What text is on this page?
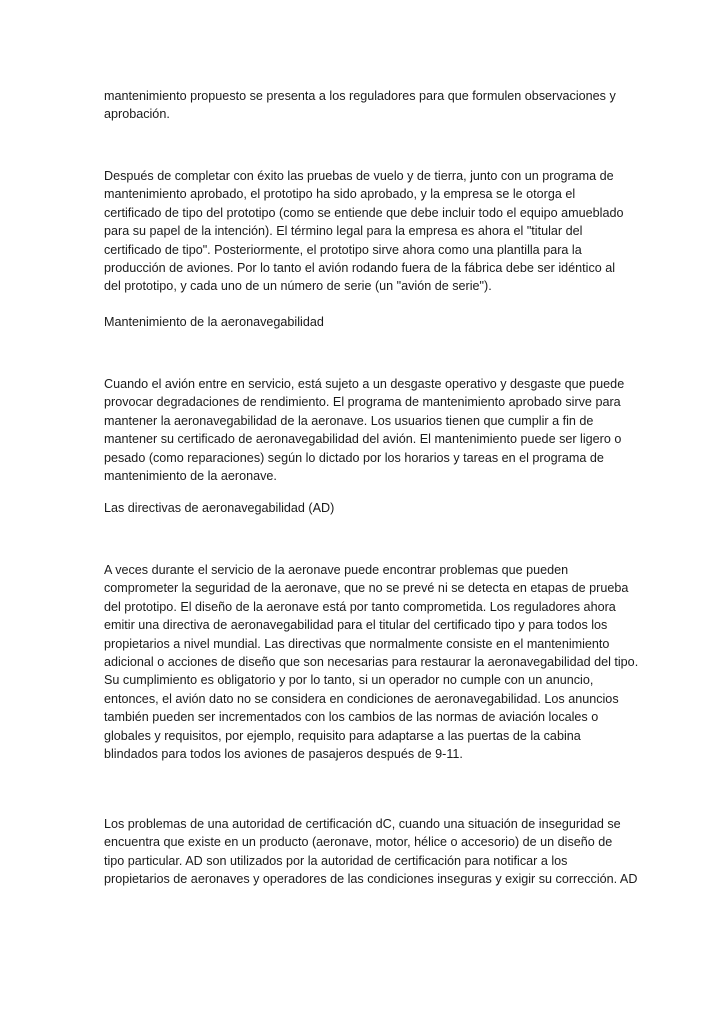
mantenimiento propuesto se presenta a los reguladores para que formulen observaciones y
aprobación.

Después de completar con éxito las pruebas de vuelo y de tierra, junto con un programa de
mantenimiento aprobado, el prototipo ha sido aprobado, y la empresa se le otorga el
certificado de tipo del prototipo (como se entiende que debe incluir todo el equipo amueblado
para su papel de la intención). El término legal para la empresa es ahora el "titular del
certificado de tipo". Posteriormente, el prototipo sirve ahora como una plantilla para la
producción de aviones. Por lo tanto el avión rodando fuera de la fábrica debe ser idéntico al
del prototipo, y cada uno de un número de serie (un "avión de serie").

Mantenimiento de la aeronavegabilidad

Cuando el avión entre en servicio, está sujeto a un desgaste operativo y desgaste que puede
provocar degradaciones de rendimiento. El programa de mantenimiento aprobado sirve para
mantener la aeronavegabilidad de la aeronave. Los usuarios tienen que cumplir a fin de
mantener su certificado de aeronavegabilidad del avión. El mantenimiento puede ser ligero o
pesado (como reparaciones) según lo dictado por los horarios y tareas en el programa de
mantenimiento de la aeronave.

Las directivas de aeronavegabilidad (AD)

A veces durante el servicio de la aeronave puede encontrar problemas que pueden
comprometer la seguridad de la aeronave, que no se prevé ni se detecta en etapas de prueba
del prototipo. El diseño de la aeronave está por tanto comprometida. Los reguladores ahora
emitir una directiva de aeronavegabilidad para el titular del certificado tipo y para todos los
propietarios a nivel mundial. Las directivas que normalmente consiste en el mantenimiento
adicional o acciones de diseño que son necesarias para restaurar la aeronavegabilidad del tipo.
Su cumplimiento es obligatorio y por lo tanto, si un operador no cumple con un anuncio,
entonces, el avión dato no se considera en condiciones de aeronavegabilidad. Los anuncios
también pueden ser incrementados con los cambios de las normas de aviación locales o
globales y requisitos, por ejemplo, requisito para adaptarse a las puertas de la cabina
blindados para todos los aviones de pasajeros después de 9-11.

Los problemas de una autoridad de certificación dC, cuando una situación de inseguridad se
encuentra que existe en un producto (aeronave, motor, hélice o accesorio) de un diseño de
tipo particular. AD son utilizados por la autoridad de certificación para notificar a los
propietarios de aeronaves y operadores de las condiciones inseguras y exigir su corrección. AD
